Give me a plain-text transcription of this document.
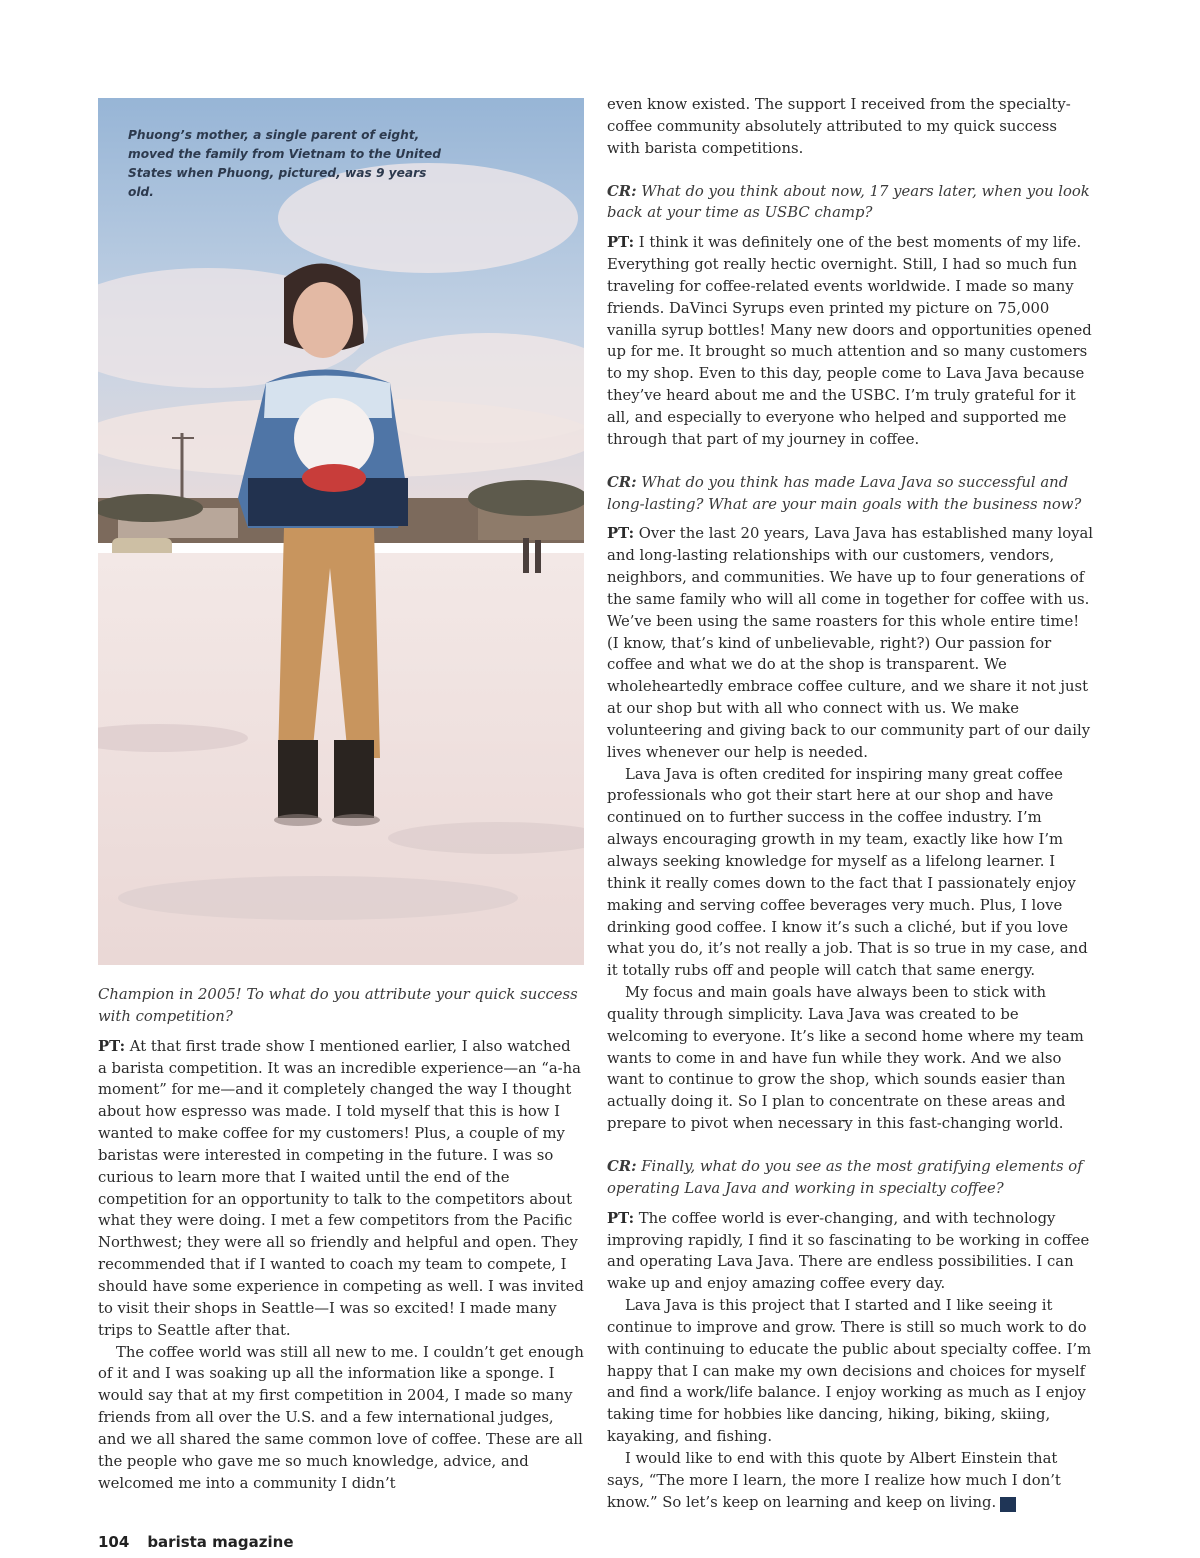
Phuong’s mother, a single parent of eight, moved the family from Vietnam to the United States when Phuong, pictured, was 9 years old.

Champion in 2005! To what do you attribute your quick success with competition?

PT: At that first trade show I mentioned earlier, I also watched a barista competition. It was an incredible experience—an “a-ha moment” for me—and it completely changed the way I thought about how espresso was made. I told myself that this is how I wanted to make coffee for my customers! Plus, a couple of my baristas were interested in competing in the future. I was so curious to learn more that I waited until the end of the competition for an opportunity to talk to the competitors about what they were doing. I met a few competitors from the Pacific Northwest; they were all so friendly and helpful and open. They recommended that if I wanted to coach my team to compete, I should have some experience in competing as well. I was invited to visit their shops in Seattle—I was so excited! I made many trips to Seattle after that.

The coffee world was still all new to me. I couldn’t get enough of it and I was soaking up all the information like a sponge. I would say that at my first competition in 2004, I made so many friends from all over the U.S. and a few international judges, and we all shared the same common love of coffee. These are all the people who gave me so much knowledge, advice, and welcomed me into a community I didn’t

even know existed. The support I received from the specialty-coffee community absolutely attributed to my quick success with barista competitions.

CR: What do you think about now, 17 years later, when you look back at your time as USBC champ?

PT: I think it was definitely one of the best moments of my life. Everything got really hectic overnight. Still, I had so much fun traveling for coffee-related events worldwide. I made so many friends. DaVinci Syrups even printed my picture on 75,000 vanilla syrup bottles! Many new doors and opportunities opened up for me. It brought so much attention and so many customers to my shop. Even to this day, people come to Lava Java because they’ve heard about me and the USBC. I’m truly grateful for it all, and especially to everyone who helped and supported me through that part of my journey in coffee.

CR: What do you think has made Lava Java so successful and long-lasting? What are your main goals with the business now?

PT: Over the last 20 years, Lava Java has established many loyal and long-lasting relationships with our customers, vendors, neighbors, and communities. We have up to four generations of the same family who will all come in together for coffee with us. We’ve been using the same roasters for this whole entire time! (I know, that’s kind of unbelievable, right?) Our passion for coffee and what we do at the shop is transparent. We wholeheartedly embrace coffee culture, and we share it not just at our shop but with all who connect with us. We make volunteering and giving back to our community part of our daily lives whenever our help is needed.

Lava Java is often credited for inspiring many great coffee professionals who got their start here at our shop and have continued on to further success in the coffee industry. I’m always encouraging growth in my team, exactly like how I’m always seeking knowledge for myself as a lifelong learner. I think it really comes down to the fact that I passionately enjoy making and serving coffee beverages very much. Plus, I love drinking good coffee. I know it’s such a cliché, but if you love what you do, it’s not really a job. That is so true in my case, and it totally rubs off and people will catch that same energy.

My focus and main goals have always been to stick with quality through simplicity. Lava Java was created to be welcoming to everyone. It’s like a second home where my team wants to come in and have fun while they work. And we also want to continue to grow the shop, which sounds easier than actually doing it. So I plan to concentrate on these areas and prepare to pivot when necessary in this fast-changing world.

CR: Finally, what do you see as the most gratifying elements of operating Lava Java and working in specialty coffee?

PT: The coffee world is ever-changing, and with technology improving rapidly, I find it so fascinating to be working in coffee and operating Lava Java. There are endless possibilities. I can wake up and enjoy amazing coffee every day.

Lava Java is this project that I started and I like seeing it continue to improve and grow. There is still so much work to do with continuing to educate the public about specialty coffee. I’m happy that I can make my own decisions and choices for myself and find a work/life balance. I enjoy working as much as I enjoy taking time for hobbies like dancing, hiking, biking, skiing, kayaking, and fishing.

I would like to end with this quote by Albert Einstein that says, “The more I learn, the more I realize how much I don’t know.” So let’s keep on learning and keep on living. b

104 barista magazine
